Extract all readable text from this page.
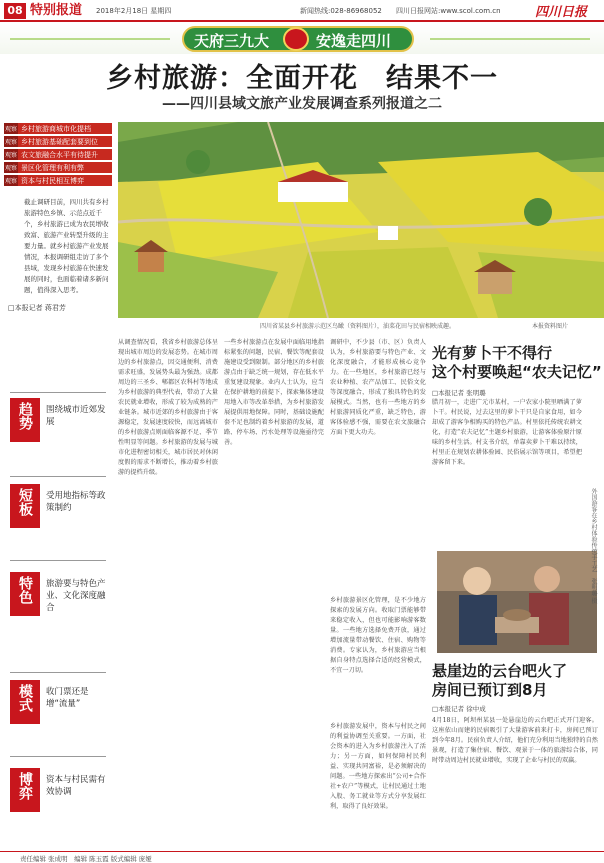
08 特别报道 2018年2月18日 星期四	新闻热线:028-86968052 四川日报网站:www.scol.com.cn	四川日报
天府三九大	安逸走四川
乡村旅游：全面开花　结果不一
——四川县域文旅产业发展调查系列报道之二
观察 乡村旅游商城市化提档
观察 乡村旅游基础配套要到位
观察 农文旅融合水平有待提升
观察 景区化管理有利有弊
观察 资本与村民相互博弈
截止调研目前，四川共有乡村旅游特色乡镇、示范点近千个，乡村旅游已成为农民增收致富、旅游产业转型升级的主要力量。就乡村旅游产业发展情况，本报调研组走访了多个县域，发现乡村旅游在快速发展的同时，也面临着诸多新问题，值得深入思考。
□本报记者 蒋君芳
四川省某县乡村旅游示范区鸟瞰（资料图片），油菜花田与民宿相映成趣。	本报资料图片
趋势 围绕城市近郊发展
短板 受用地指标等政策制约
特色 旅游要与特色产业、文化深度融合
模式 收门票还是增“流量”
博弈 资本与村民需有效协调
从调查情况看，我省乡村旅游总体呈现出城市周边的发展态势。在城市周边的乡村旅游点，因交通便利、消费需求旺盛，发展势头最为强劲。成都周边的三圣乡、郫都区农科村等地成为乡村旅游的典型代表，带动了大量农民就业增收，形成了较为成熟的产业链条。城市近郊的乡村旅游由于客源稳定，发展速度较快，而远离城市的乡村旅游点则面临客源不足、季节性明显等问题。乡村旅游的发展与城市化进程密切相关，城市居民对休闲度假的需求不断增长，推动着乡村旅游的提档升级。
一些乡村旅游点在发展中面临用地指标紧张的问题，民宿、餐饮等配套设施建设受到限制。部分地区的乡村旅游点由于缺乏统一规划，存在低水平重复建设现象。业内人士认为，应当在保护耕地的前提下，探索集体建设用地入市等改革举措，为乡村旅游发展提供用地保障。同时，基础设施配套不足也制约着乡村旅游的发展，道路、停车场、污水处理等设施亟待完善。
调研中，不少县（市、区）负责人认为，乡村旅游要与特色产业、文化深度融合，才能形成核心竞争力。在一些地区，乡村旅游已经与农业种植、农产品加工、民俗文化等深度融合，形成了独具特色的发展模式。当然，也有一些地方的乡村旅游同质化严重，缺乏特色，游客体验感不强，需要在农文旅融合方面下更大功夫。
乡村旅游景区化管理，是不少地方探索的发展方向。收取门票能够带来稳定收入，但也可能影响游客数量。一些地方选择免费开放，通过增加流量带动餐饮、住宿、购物等消费。专家认为，乡村旅游应当根据自身特点选择合适的经营模式，不宜一刀切。
乡村旅游发展中，资本与村民之间的利益协调至关重要。一方面，社会资本的进入为乡村旅游注入了活力；另一方面，如何保障村民利益、实现共同富裕，是必须解决的问题。一些地方探索出“公司+合作社+农户”等模式，让村民通过土地入股、务工就业等方式分享发展红利，取得了良好效果。
光有萝卜干不得行
这个村要唤起“农夫记忆”
□本报记者 张明璐
腊月初一，走进广元市某村，一户农家小院里晒满了萝卜干。村民说，过去这里的萝卜干只是自家食用，如今却成了游客争相购买的特色产品。村里依托传统农耕文化，打造“农夫记忆”主题乡村旅游，让游客体验原汁原味的乡村生活。村支书介绍，单靠卖萝卜干难以持续，村里正在规划农耕体验园、民俗展示馆等项目，希望把游客留下来。
外国游客在乡村体验传统手工艺　张明璐 摄
悬崖边的云台吧火了
房间已预订到8月
□本报记者 徐中成
4月18日，阿坝州某县一处悬崖边的云台吧正式开门迎客。这座依山而建的民宿吸引了大量游客前来打卡，房间已预订到今年8月。民宿负责人介绍，他们充分利用当地独特的自然景观，打造了集住宿、餐饮、观景于一体的旅游综合体，同时带动周边村民就业增收，实现了企业与村民的双赢。
责任编辑 张成明　编辑 陈玉霞 版式编辑 庞娅
